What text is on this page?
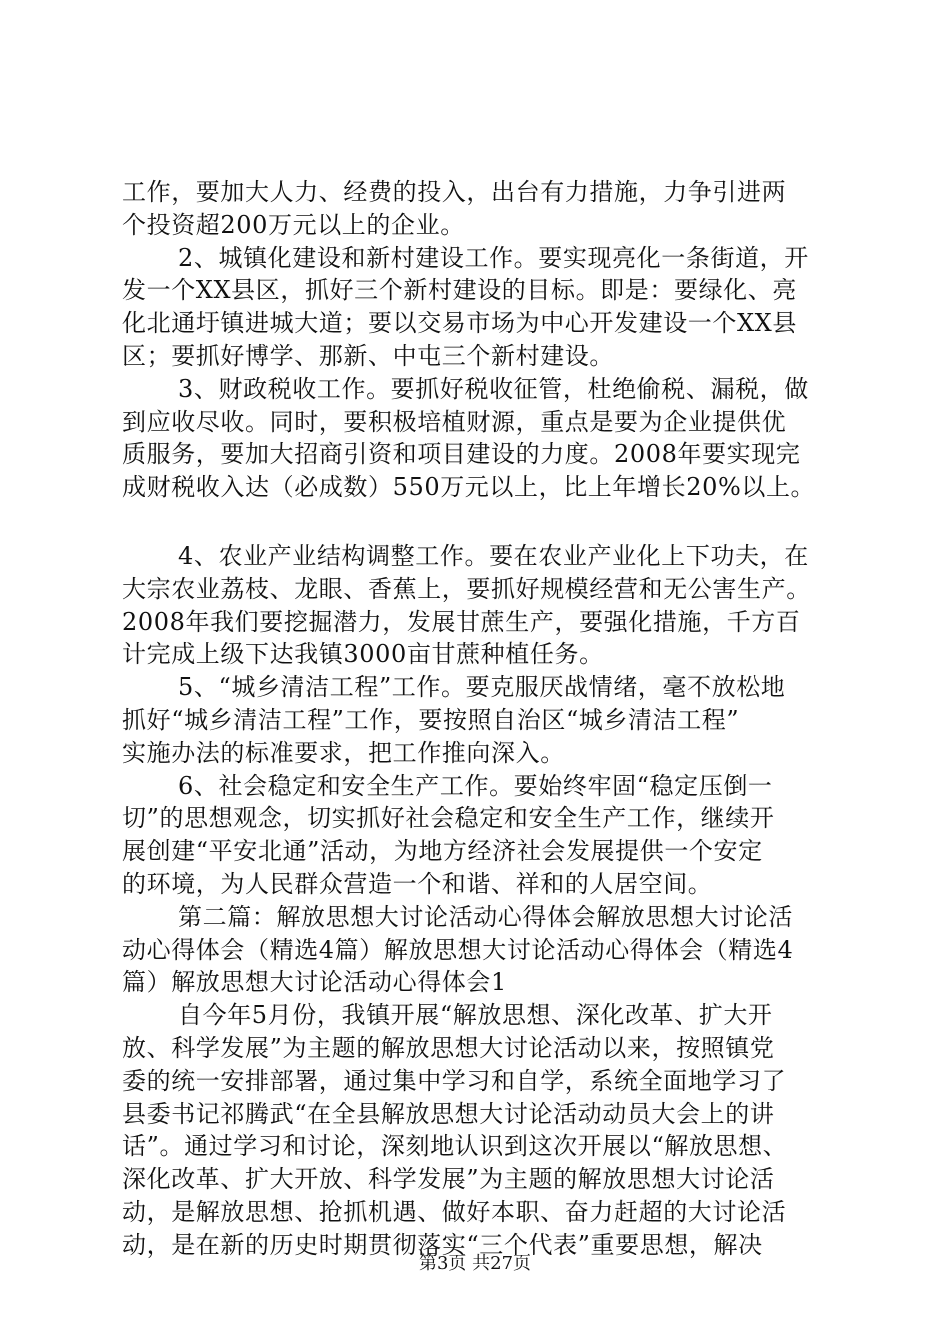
工作，要加大人力、经费的投入，出台有力措施，力争引进两
个投资超200万元以上的企业。
2、城镇化建设和新村建设工作。要实现亮化一条街道，开
发一个XX县区，抓好三个新村建设的目标。即是：要绿化、亮
化北通圩镇进城大道；要以交易市场为中心开发建设一个XX县
区；要抓好博学、那新、中屯三个新村建设。
3、财政税收工作。要抓好税收征管，杜绝偷税、漏税，做
到应收尽收。同时，要积极培植财源，重点是要为企业提供优
质服务，要加大招商引资和项目建设的力度。2008年要实现完
成财税收入达（必成数）550万元以上，比上年增长20%以上。
4、农业产业结构调整工作。要在农业产业化上下功夫，在
大宗农业荔枝、龙眼、香蕉上，要抓好规模经营和无公害生产。
2008年我们要挖掘潜力，发展甘蔗生产，要强化措施，千方百
计完成上级下达我镇3000亩甘蔗种植任务。
5、“城乡清洁工程”工作。要克服厌战情绪，毫不放松地
抓好“城乡清洁工程”工作，要按照自治区“城乡清洁工程”
实施办法的标准要求，把工作推向深入。
6、社会稳定和安全生产工作。要始终牢固“稳定压倒一
切”的思想观念，切实抓好社会稳定和安全生产工作，继续开
展创建“平安北通”活动，为地方经济社会发展提供一个安定
的环境，为人民群众营造一个和谐、祥和的人居空间。
第二篇：解放思想大讨论活动心得体会解放思想大讨论活
动心得体会（精选4篇）解放思想大讨论活动心得体会（精选4
篇）解放思想大讨论活动心得体会1
自今年5月份，我镇开展“解放思想、深化改革、扩大开
放、科学发展”为主题的解放思想大讨论活动以来，按照镇党
委的统一安排部署，通过集中学习和自学，系统全面地学习了
县委书记祁腾武“在全县解放思想大讨论活动动员大会上的讲
话”。通过学习和讨论，深刻地认识到这次开展以“解放思想、
深化改革、扩大开放、科学发展”为主题的解放思想大讨论活
动，是解放思想、抢抓机遇、做好本职、奋力赶超的大讨论活
动，是在新的历史时期贯彻落实“三个代表”重要思想，解决
第3页 共27页
